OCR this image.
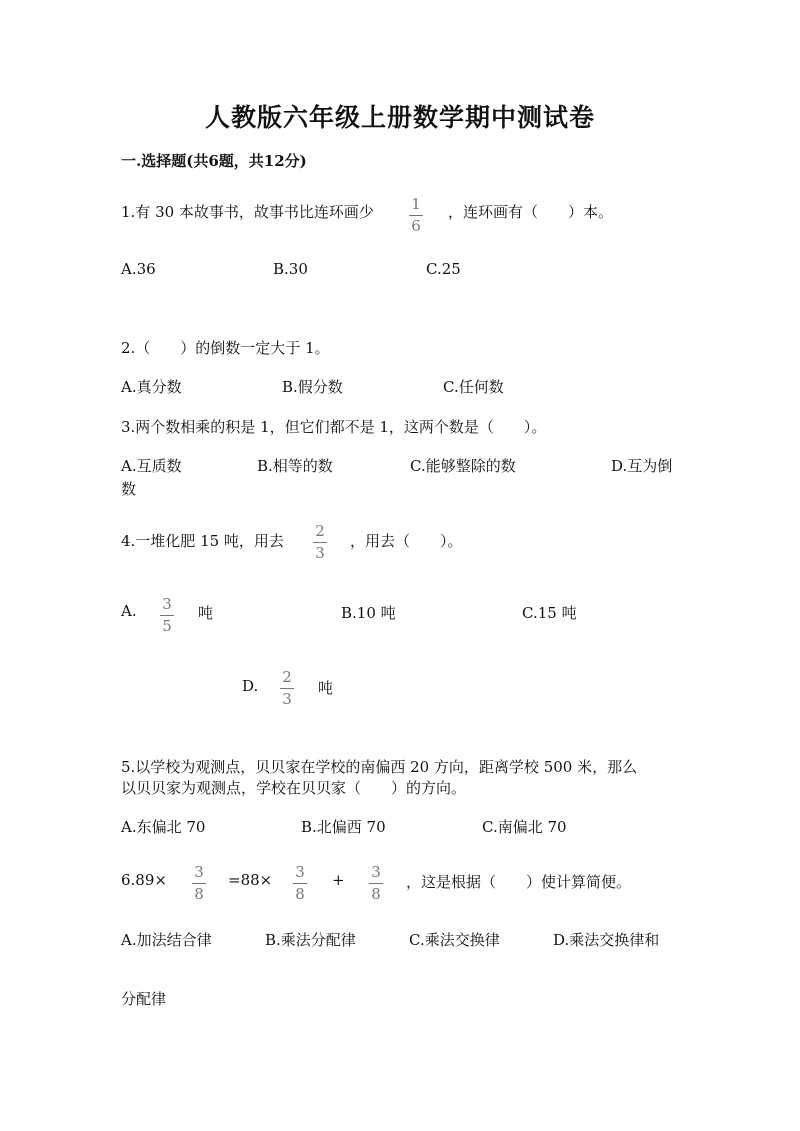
人教版六年级上册数学期中测试卷
一.选择题(共6题，共12分)
1.有 30 本故事书，故事书比连环画少 1
6
，连环画有（　　）本。
A.36	B.30	C.25
2.（　　）的倒数一定大于 1。
A.真分数	B.假分数	C.任何数
3.两个数相乘的积是 1，但它们都不是 1，这两个数是（　　）。
A.互质数	B.相等的数	C.能够整除的数	D.互为倒
数
4.一堆化肥 15 吨，用去
2
3
，用去（　　）。
A. 3
5
吨	B.10 吨	C.15 吨
D. 2
3
吨
5.以学校为观测点，贝贝家在学校的南偏西 20 方向，距离学校 500 米，那么
以贝贝家为观测点，学校在贝贝家（　　）的方向。
A.东偏北 70	B.北偏西 70	C.南偏北 70
6.89× 3
8
=88× 3
8
+ 3
8
，这是根据（　　）使计算简便。
A.加法结合律	B.乘法分配律	C.乘法交换律	D.乘法交换律和
分配律
